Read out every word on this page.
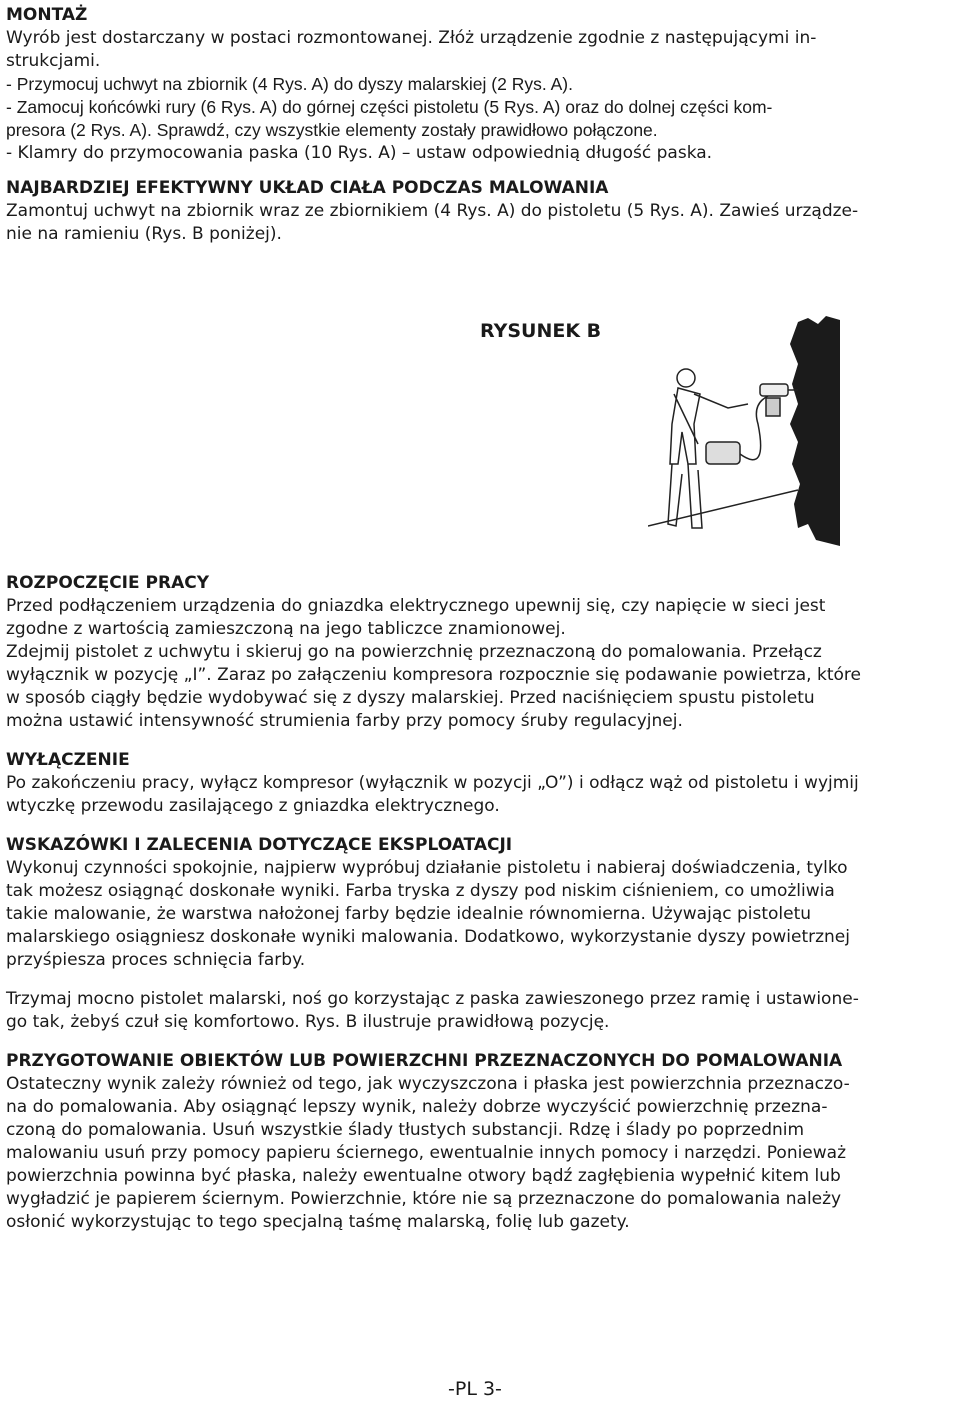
MONTAŻ

Wyrób jest dostarczany w postaci rozmontowanej. Złóż urządzenie zgodnie z następującymi in-
strukcjami.

- Przymocuj uchwyt na zbiornik (4 Rys. A) do dyszy malarskiej (2 Rys. A).
- Zamocuj końcówki rury (6 Rys. A) do górnej części pistoletu (5 Rys. A) oraz do dolnej części kom-
presora (2 Rys. A). Sprawdź, czy wszystkie elementy zostały prawidłowo połączone.
- Klamry do przymocowania paska (10 Rys. A) – ustaw odpowiednią długość paska.

NAJBARDZIEJ EFEKTYWNY UKŁAD CIAŁA PODCZAS MALOWANIA

Zamontuj uchwyt na zbiornik wraz ze zbiornikiem (4 Rys. A) do pistoletu (5 Rys. A). Zawieś urządze-
nie na ramieniu (Rys. B poniżej).

RYSUNEK B
ROZPOCZĘCIE PRACY

Przed podłączeniem urządzenia do gniazdka elektrycznego upewnij się, czy napięcie w sieci jest
zgodne z wartością zamieszczoną na jego tabliczce znamionowej.
Zdejmij pistolet z uchwytu i skieruj go na powierzchnię przeznaczoną do pomalowania. Przełącz
wyłącznik w pozycję „I”. Zaraz po załączeniu kompresora rozpocznie się podawanie powietrza, które
w sposób ciągły będzie wydobywać się z dyszy malarskiej. Przed naciśnięciem spustu pistoletu
można ustawić intensywność strumienia farby przy pomocy śruby regulacyjnej.

WYŁĄCZENIE

Po zakończeniu pracy, wyłącz kompresor (wyłącznik w pozycji „O”) i odłącz wąż od pistoletu i wyjmij
wtyczkę przewodu zasilającego z gniazdka elektrycznego.

WSKAZÓWKI I ZALECENIA DOTYCZĄCE EKSPLOATACJI

Wykonuj czynności spokojnie, najpierw wypróbuj działanie pistoletu i nabieraj doświadczenia, tylko
tak możesz osiągnąć doskonałe wyniki. Farba tryska z dyszy pod niskim ciśnieniem, co umożliwia
takie malowanie, że warstwa nałożonej farby będzie idealnie równomierna. Używając pistoletu
malarskiego osiągniesz doskonałe wyniki malowania. Dodatkowo, wykorzystanie dyszy powietrznej
przyśpiesza proces schnięcia farby.

Trzymaj mocno pistolet malarski, noś go korzystając z paska zawieszonego przez ramię i ustawione-
go tak, żebyś czuł się komfortowo. Rys. B ilustruje prawidłową pozycję.

PRZYGOTOWANIE OBIEKTÓW LUB POWIERZCHNI PRZEZNACZONYCH DO POMALOWANIA

Ostateczny wynik zależy również od tego, jak wyczyszczona i płaska jest powierzchnia przeznaczo-
na do pomalowania. Aby osiągnąć lepszy wynik, należy dobrze wyczyścić powierzchnię przezna-
czoną do pomalowania. Usuń wszystkie ślady tłustych substancji. Rdzę i ślady po poprzednim
malowaniu usuń przy pomocy papieru ściernego, ewentualnie innych pomocy i narzędzi. Ponieważ
powierzchnia powinna być płaska, należy ewentualne otwory bądź zagłębienia wypełnić kitem lub
wygładzić je papierem ściernym. Powierzchnie, które nie są przeznaczone do pomalowania należy
osłonić wykorzystując to tego specjalną taśmę malarską, folię lub gazety.

-PL 3-
